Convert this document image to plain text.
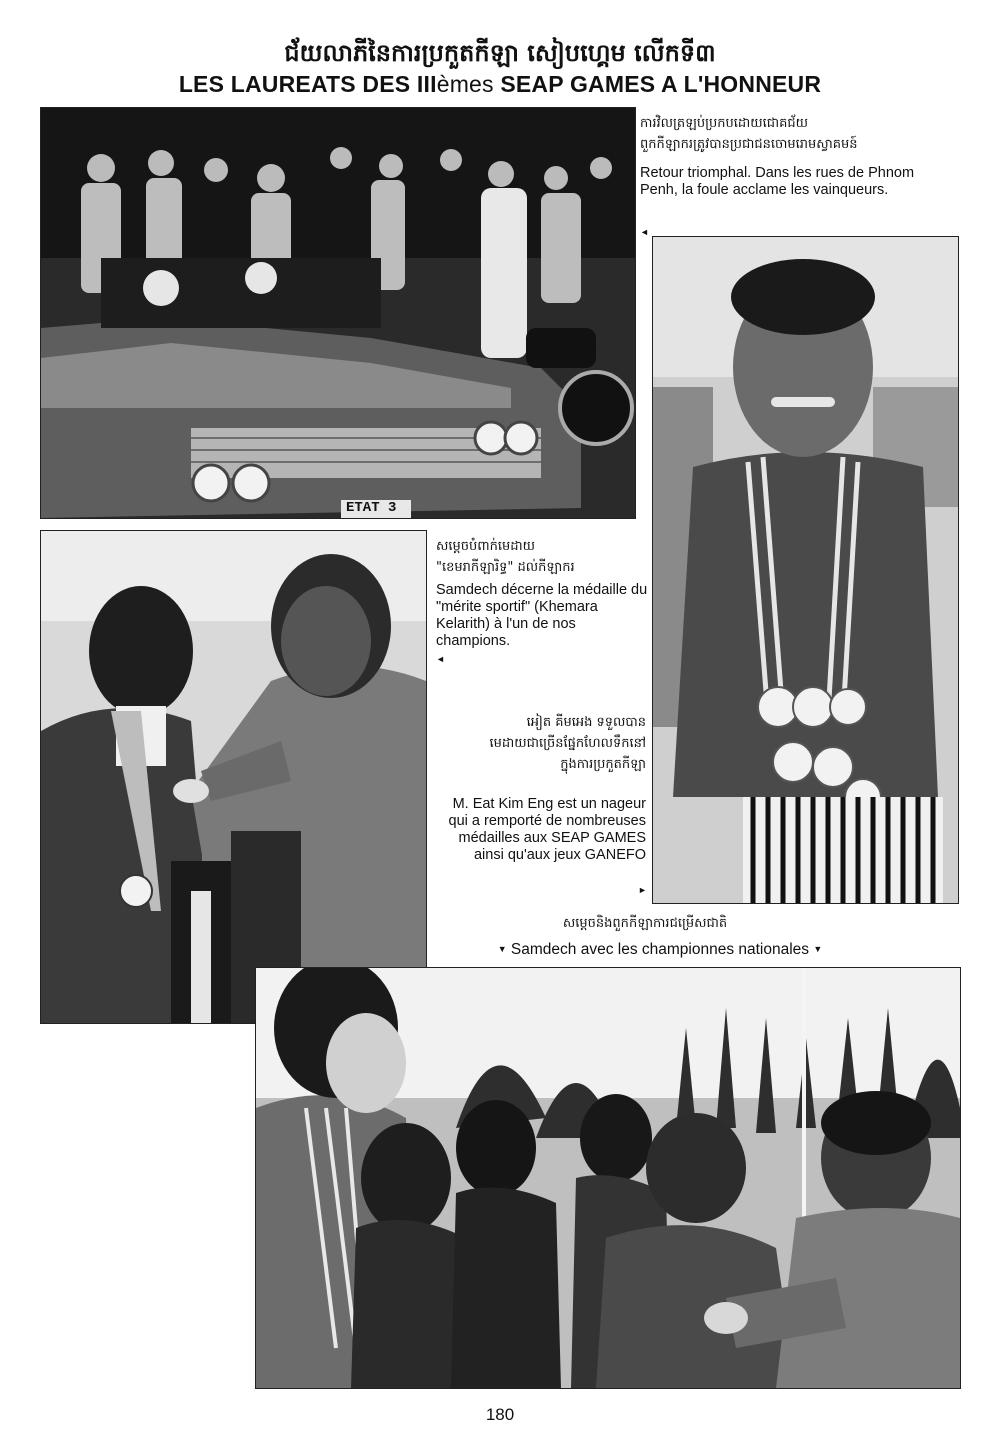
ជ័យលាភីនៃការប្រកួតកីឡា សៀបហ្គេម លើកទី៣
LES LAUREATS DES IIIèmes SEAP GAMES A L'HONNEUR
ETAT 3
ការវិលត្រឡប់ប្រកបដោយជោគជ័យ
ពួកកីឡាករត្រូវបានប្រជាជនចោមរោមស្វាគមន៍
Retour triomphal. Dans les rues de Phnom Penh, la foule acclame les vainqueurs.
◄
សម្តេចបំពាក់មេដាយ
"ខេមរាកីឡារិទ្ធ" ដល់កីឡាករ
Samdech décerne la médaille du "mérite sportif" (Khemara Kelarith) à l'un de nos champions.
◄
អៀត គីមអេង ទទួលបាន
មេដាយជាច្រើនផ្នែកហែលទឹកនៅ
ក្នុងការប្រកួតកីឡា
M. Eat Kim Eng est un nageur qui a remporté de nombreuses médailles aux SEAP GAMES ainsi qu'aux jeux GANEFO
►
សម្តេចនិងពួកកីឡាការជម្រើសជាតិ
▼ Samdech avec les championnes nationales ▼
180
